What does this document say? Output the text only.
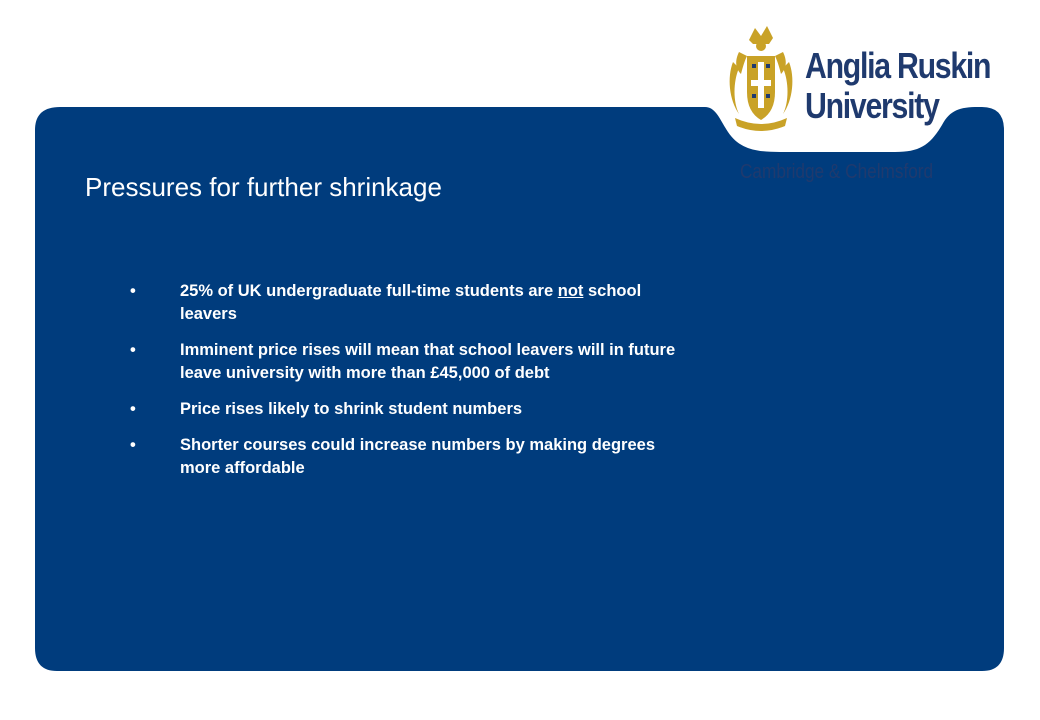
Pressures for further shrinkage
•	25% of UK undergraduate full-time students are not school leavers
•	Imminent price rises will mean that school leavers will in future leave university with more than £45,000 of debt
•	Price rises likely to shrink student numbers
•	Shorter courses could increase numbers by making degrees more affordable
Anglia Ruskin
University
Cambridge & Chelmsford
